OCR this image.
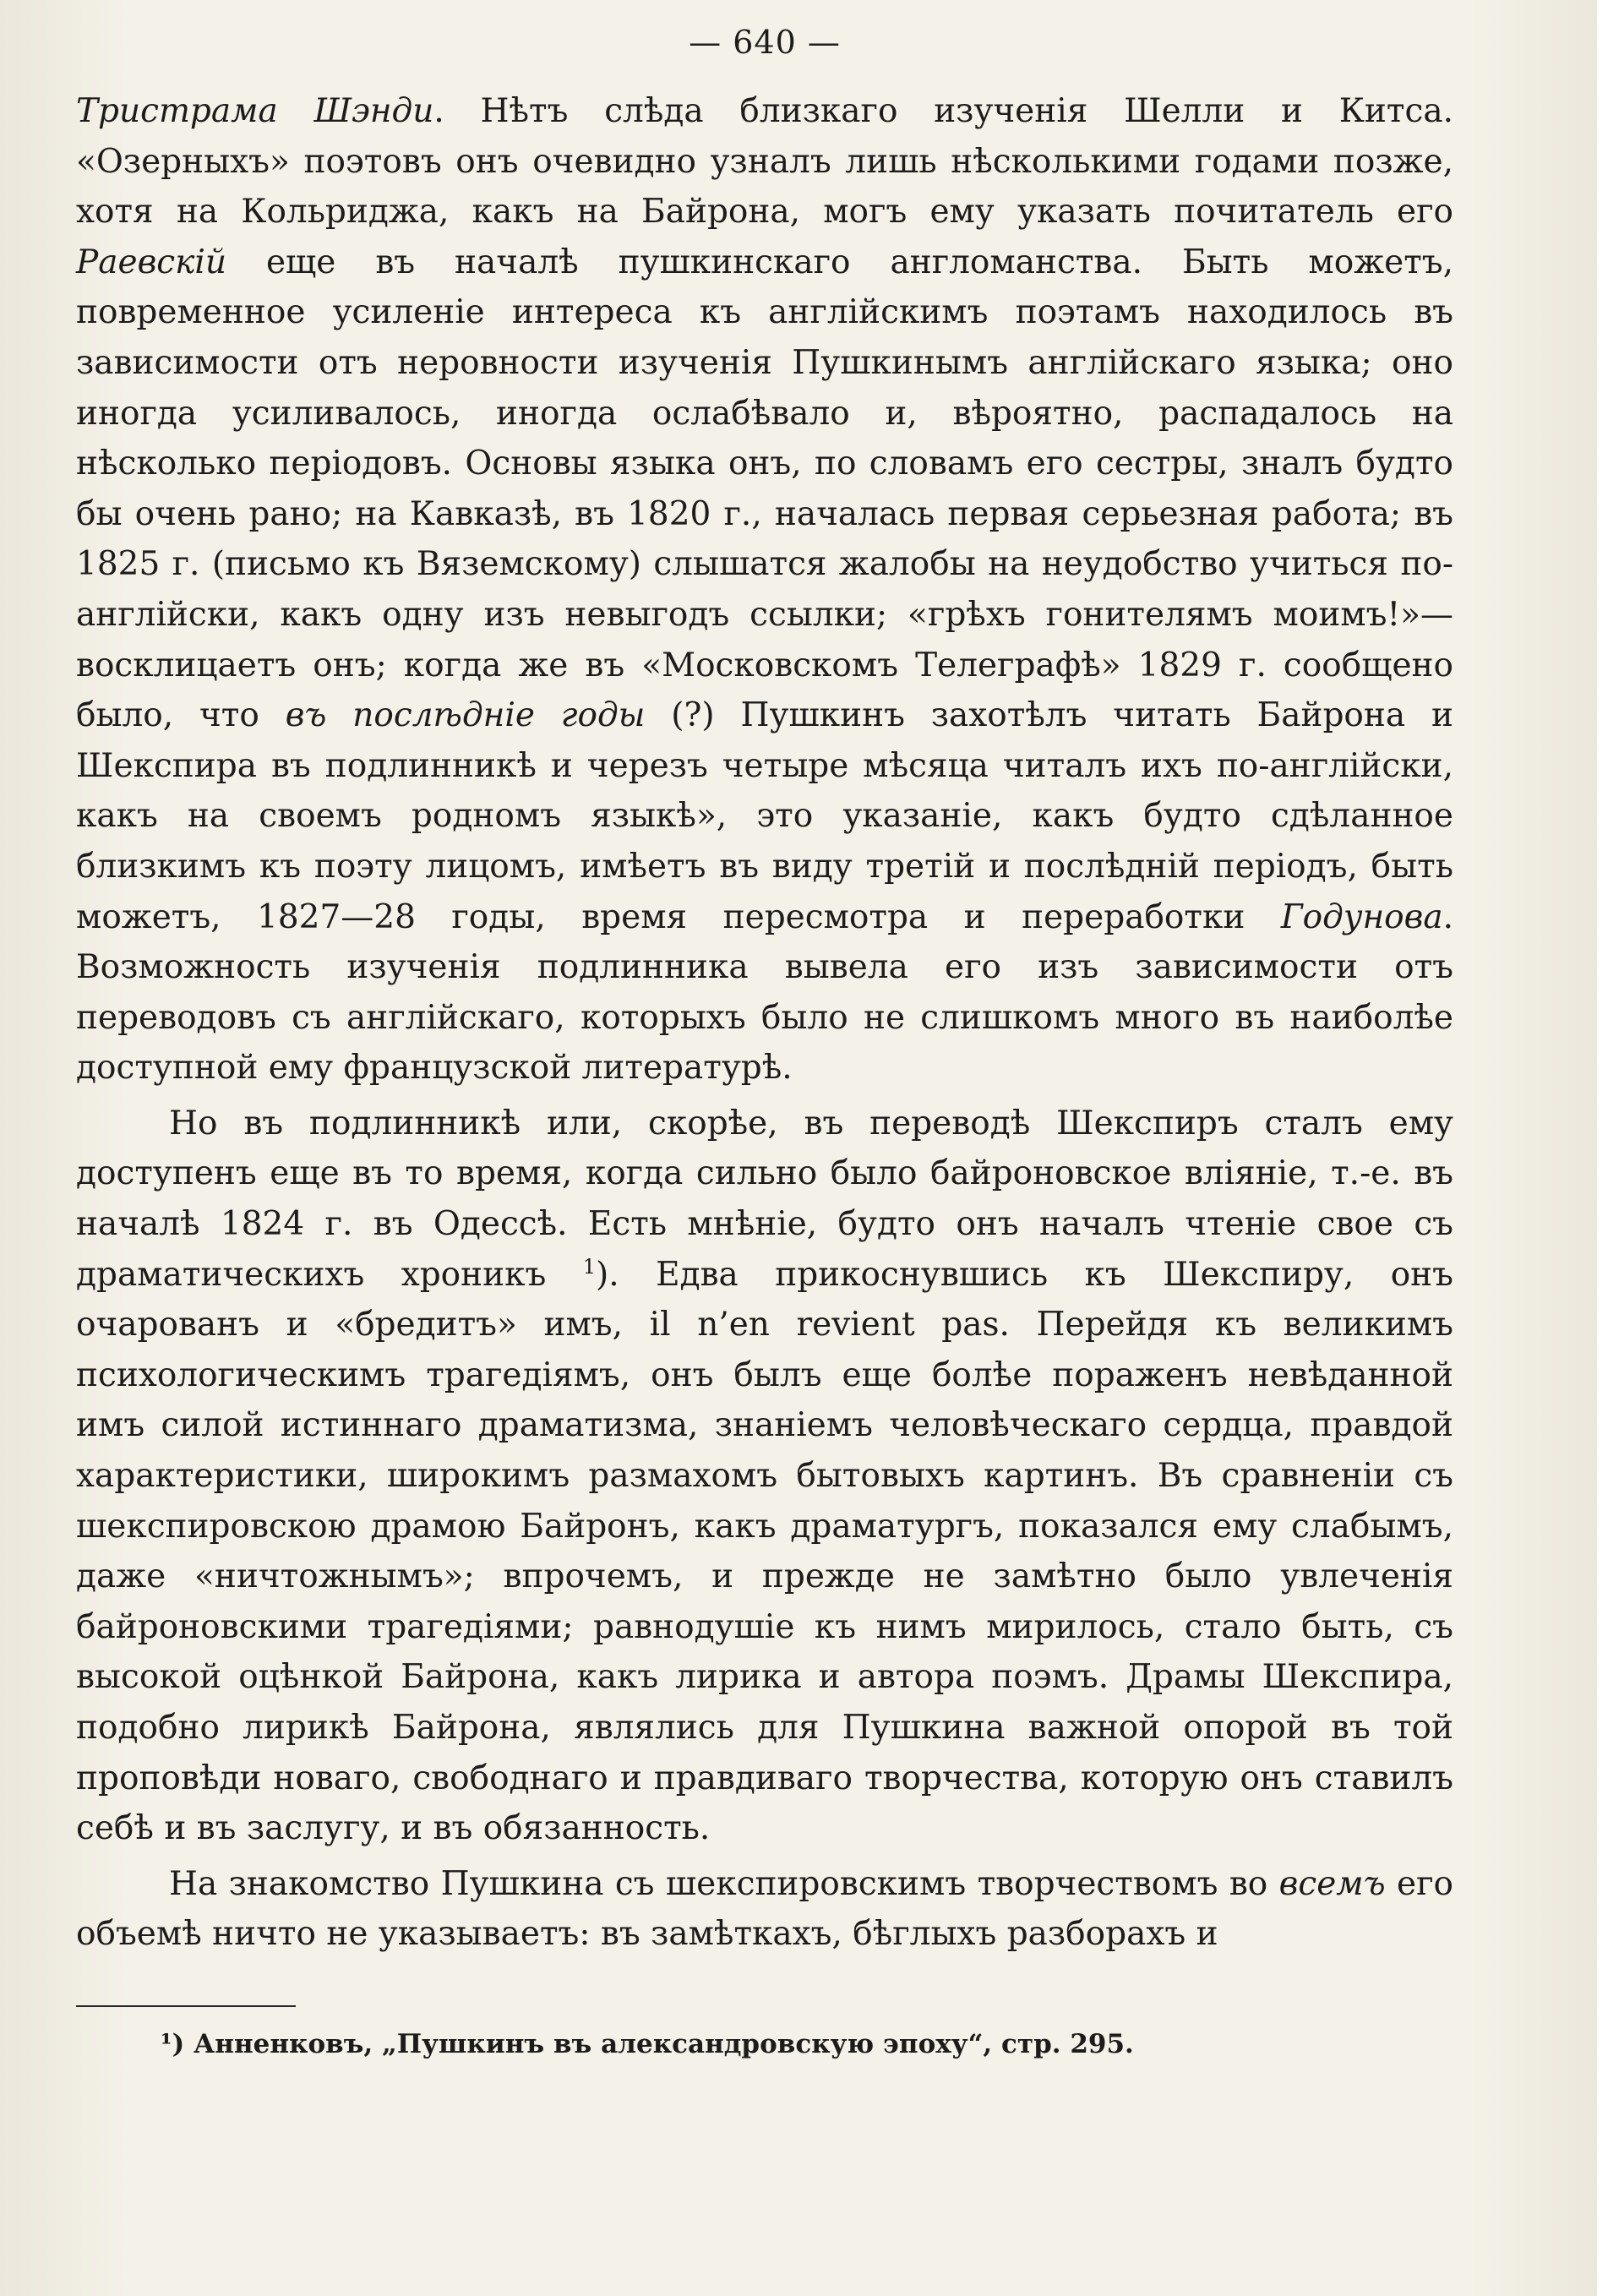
— 640 —

Тристрама Шэнди. Нѣтъ слѣда близкаго изученія Шелли и Китса. «Озерныхъ» поэтовъ онъ очевидно узналъ лишь нѣсколькими годами позже, хотя на Кольриджа, какъ на Байрона, могъ ему указать почитатель его Раевскій еще въ началѣ пушкинскаго англоманства. Быть можетъ, повременное усиленіе интереса къ англійскимъ поэтамъ находилось въ зависимости отъ неровности изученія Пушкинымъ англійскаго языка; оно иногда усиливалось, иногда ослабѣвало и, вѣроятно, распадалось на нѣсколько періодовъ. Основы языка онъ, по словамъ его сестры, зналъ будто бы очень рано; на Кавказѣ, въ 1820 г., началась первая серьезная работа; въ 1825 г. (письмо къ Вяземскому) слышатся жалобы на неудобство учиться по-англійски, какъ одну изъ невыгодъ ссылки; «грѣхъ гонителямъ моимъ!»—восклицаетъ онъ; когда же въ «Московскомъ Телеграфѣ» 1829 г. сообщено было, что въ послѣдніе годы (?) Пушкинъ захотѣлъ читать Байрона и Шекспира въ подлинникѣ и черезъ четыре мѣсяца читалъ ихъ по-англійски, какъ на своемъ родномъ языкѣ», это указаніе, какъ будто сдѣланное близкимъ къ поэту лицомъ, имѣетъ въ виду третій и послѣдній періодъ, быть можетъ, 1827—28 годы, время пересмотра и переработки Годунова. Возможность изученія подлинника вывела его изъ зависимости отъ переводовъ съ англійскаго, которыхъ было не слишкомъ много въ наиболѣе доступной ему французской литературѣ.

Но въ подлинникѣ или, скорѣе, въ переводѣ Шекспиръ сталъ ему доступенъ еще въ то время, когда сильно было байроновское вліяніе, т.-е. въ началѣ 1824 г. въ Одессѣ. Есть мнѣніе, будто онъ началъ чтеніе свое съ драматическихъ хроникъ $^1$). Едва прикоснувшись къ Шекспиру, онъ очарованъ и «бредитъ» имъ, il n’en revient pas. Перейдя къ великимъ психологическимъ трагедіямъ, онъ былъ еще болѣе пораженъ невѣданной имъ силой истиннаго драматизма, знаніемъ человѣческаго сердца, правдой характеристики, широкимъ размахомъ бытовыхъ картинъ. Въ сравненіи съ шекспировскою драмою Байронъ, какъ драматургъ, показался ему слабымъ, даже «ничтожнымъ»; впрочемъ, и прежде не замѣтно было увлеченія байроновскими трагедіями; равнодушіе къ нимъ мирилось, стало быть, съ высокой оцѣнкой Байрона, какъ лирика и автора поэмъ. Драмы Шекспира, подобно лирикѣ Байрона, являлись для Пушкина важной опорой въ той проповѣди новаго, свободнаго и правдиваго творчества, которую онъ ставилъ себѣ и въ заслугу, и въ обязанность.

На знакомство Пушкина съ шекспировскимъ творчествомъ во всемъ его объемѣ ничто не указываетъ: въ замѣткахъ, бѣглыхъ разборахъ и

¹) Анненковъ, „Пушкинъ въ александровскую эпоху“, стр. 295.
